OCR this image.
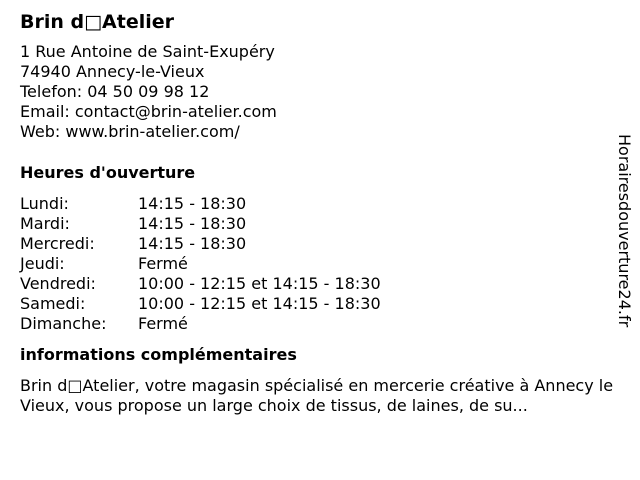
Brin d□Atelier
1 Rue Antoine de Saint-Exupéry
74940 Annecy-le-Vieux
Telefon: 04 50 09 98 12
Email: contact@brin-atelier.com
Web: www.brin-atelier.com/
Heures d'ouverture
Lundi:	14:15 - 18:30
Mardi:	14:15 - 18:30
Mercredi:	14:15 - 18:30
Jeudi:	Fermé
Vendredi:	10:00 - 12:15 et 14:15 - 18:30
Samedi:	10:00 - 12:15 et 14:15 - 18:30
Dimanche:	Fermé
informations complémentaires

Brin d□Atelier, votre magasin spécialisé en mercerie créative à Annecy le Vieux, vous propose un large choix de tissus, de laines, de su...

Horairesdouverture24.fr
